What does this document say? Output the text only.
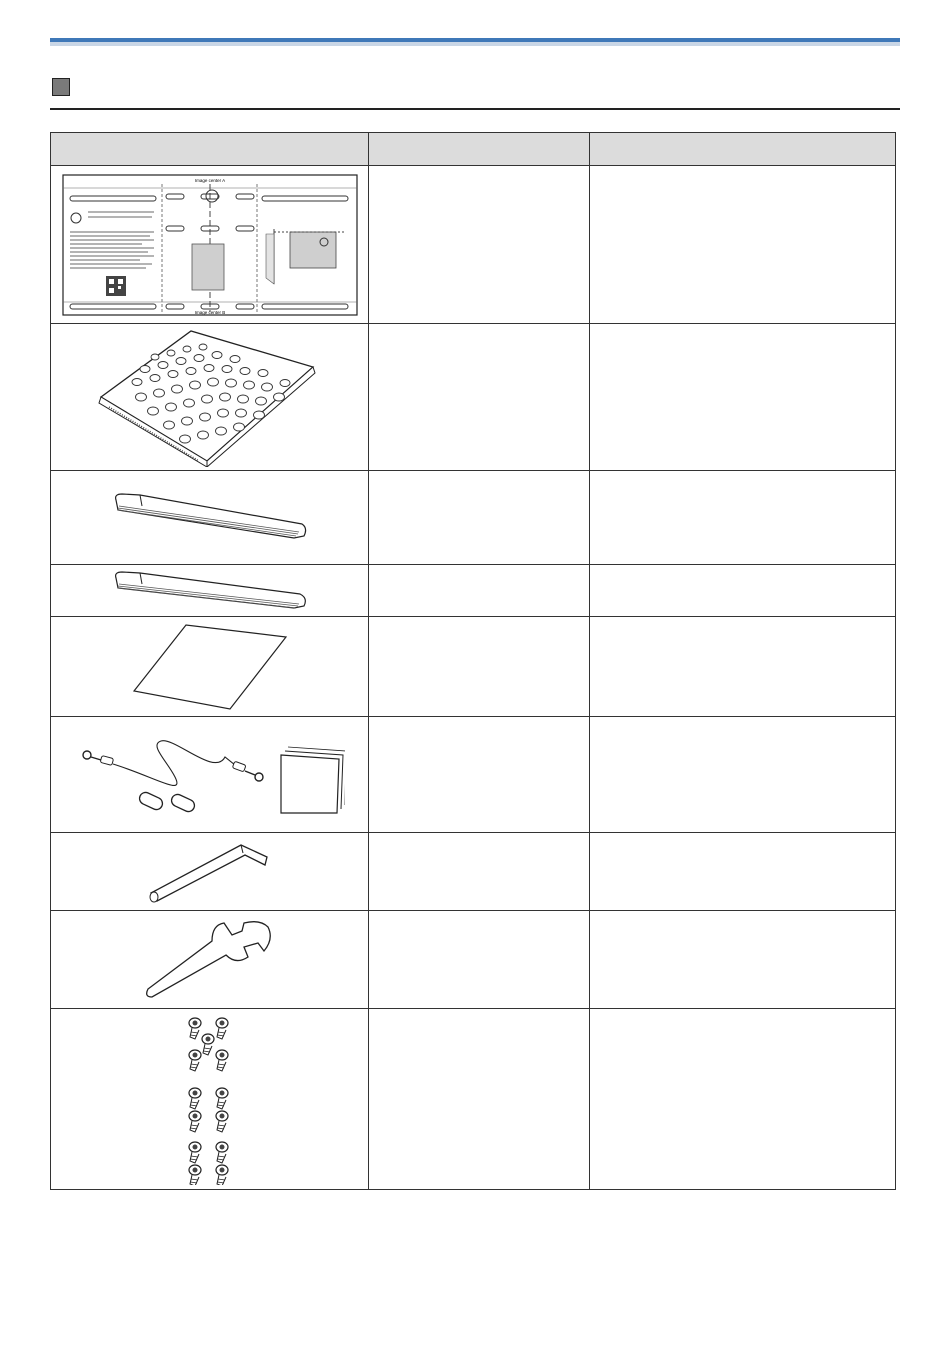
Image center A
Image center B		
